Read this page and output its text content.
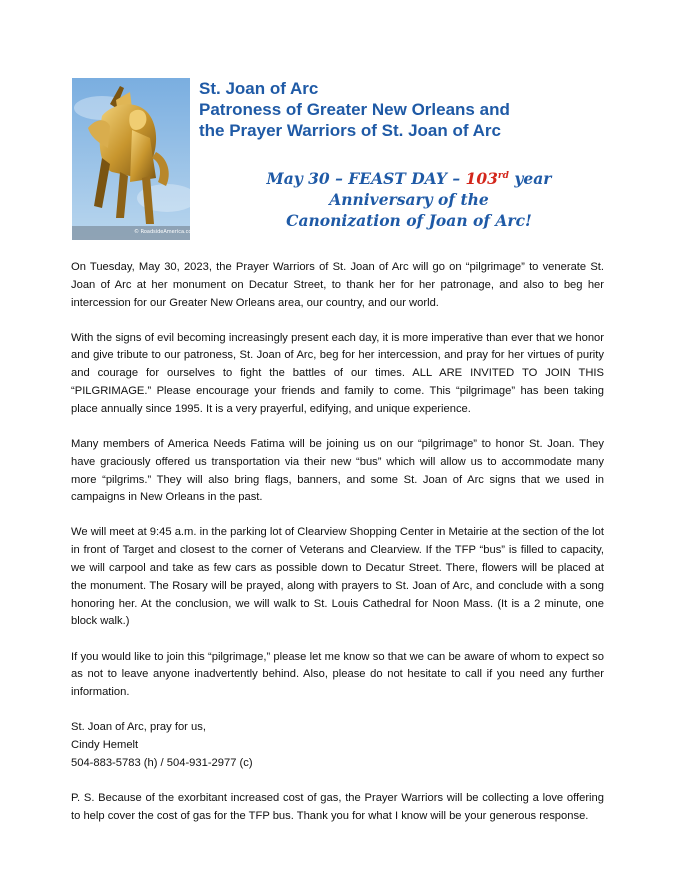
© RoadsideAmerica.com
St. Joan of Arc
Patroness of Greater New Orleans and
the Prayer Warriors of St. Joan of Arc
May 30 – FEAST DAY – 103rd year
Anniversary of the
Canonization of Joan of Arc!

On Tuesday, May 30, 2023, the Prayer Warriors of St. Joan of Arc will go on “pilgrimage” to venerate St. Joan of Arc at her monument on Decatur Street, to thank her for her patronage, and also to beg her intercession for our Greater New Orleans area, our country, and our world.

With the signs of evil becoming increasingly present each day, it is more imperative than ever that we honor and give tribute to our patroness, St. Joan of Arc, beg for her intercession, and pray for her virtues of purity and courage for ourselves to fight the battles of our times. ALL ARE INVITED TO JOIN THIS “PILGRIMAGE.” Please encourage your friends and family to come. This “pilgrimage” has been taking place annually since 1995. It is a very prayerful, edifying, and unique experience.

Many members of America Needs Fatima will be joining us on our “pilgrimage” to honor St. Joan. They have graciously offered us transportation via their new “bus” which will allow us to accommodate many more “pilgrims.” They will also bring flags, banners, and some St. Joan of Arc signs that we used in campaigns in New Orleans in the past.

We will meet at 9:45 a.m. in the parking lot of Clearview Shopping Center in Metairie at the section of the lot in front of Target and closest to the corner of Veterans and Clearview. If the TFP “bus” is filled to capacity, we will carpool and take as few cars as possible down to Decatur Street. There, flowers will be placed at the monument. The Rosary will be prayed, along with prayers to St. Joan of Arc, and conclude with a song honoring her. At the conclusion, we will walk to St. Louis Cathedral for Noon Mass. (It is a 2 minute, one block walk.)

If you would like to join this “pilgrimage,” please let me know so that we can be aware of whom to expect so as not to leave anyone inadvertently behind. Also, please do not hesitate to call if you need any further information.

St. Joan of Arc, pray for us,
Cindy Hemelt
504-883-5783 (h) / 504-931-2977 (c)

P. S. Because of the exorbitant increased cost of gas, the Prayer Warriors will be collecting a love offering to help cover the cost of gas for the TFP bus. Thank you for what I know will be your generous response.
